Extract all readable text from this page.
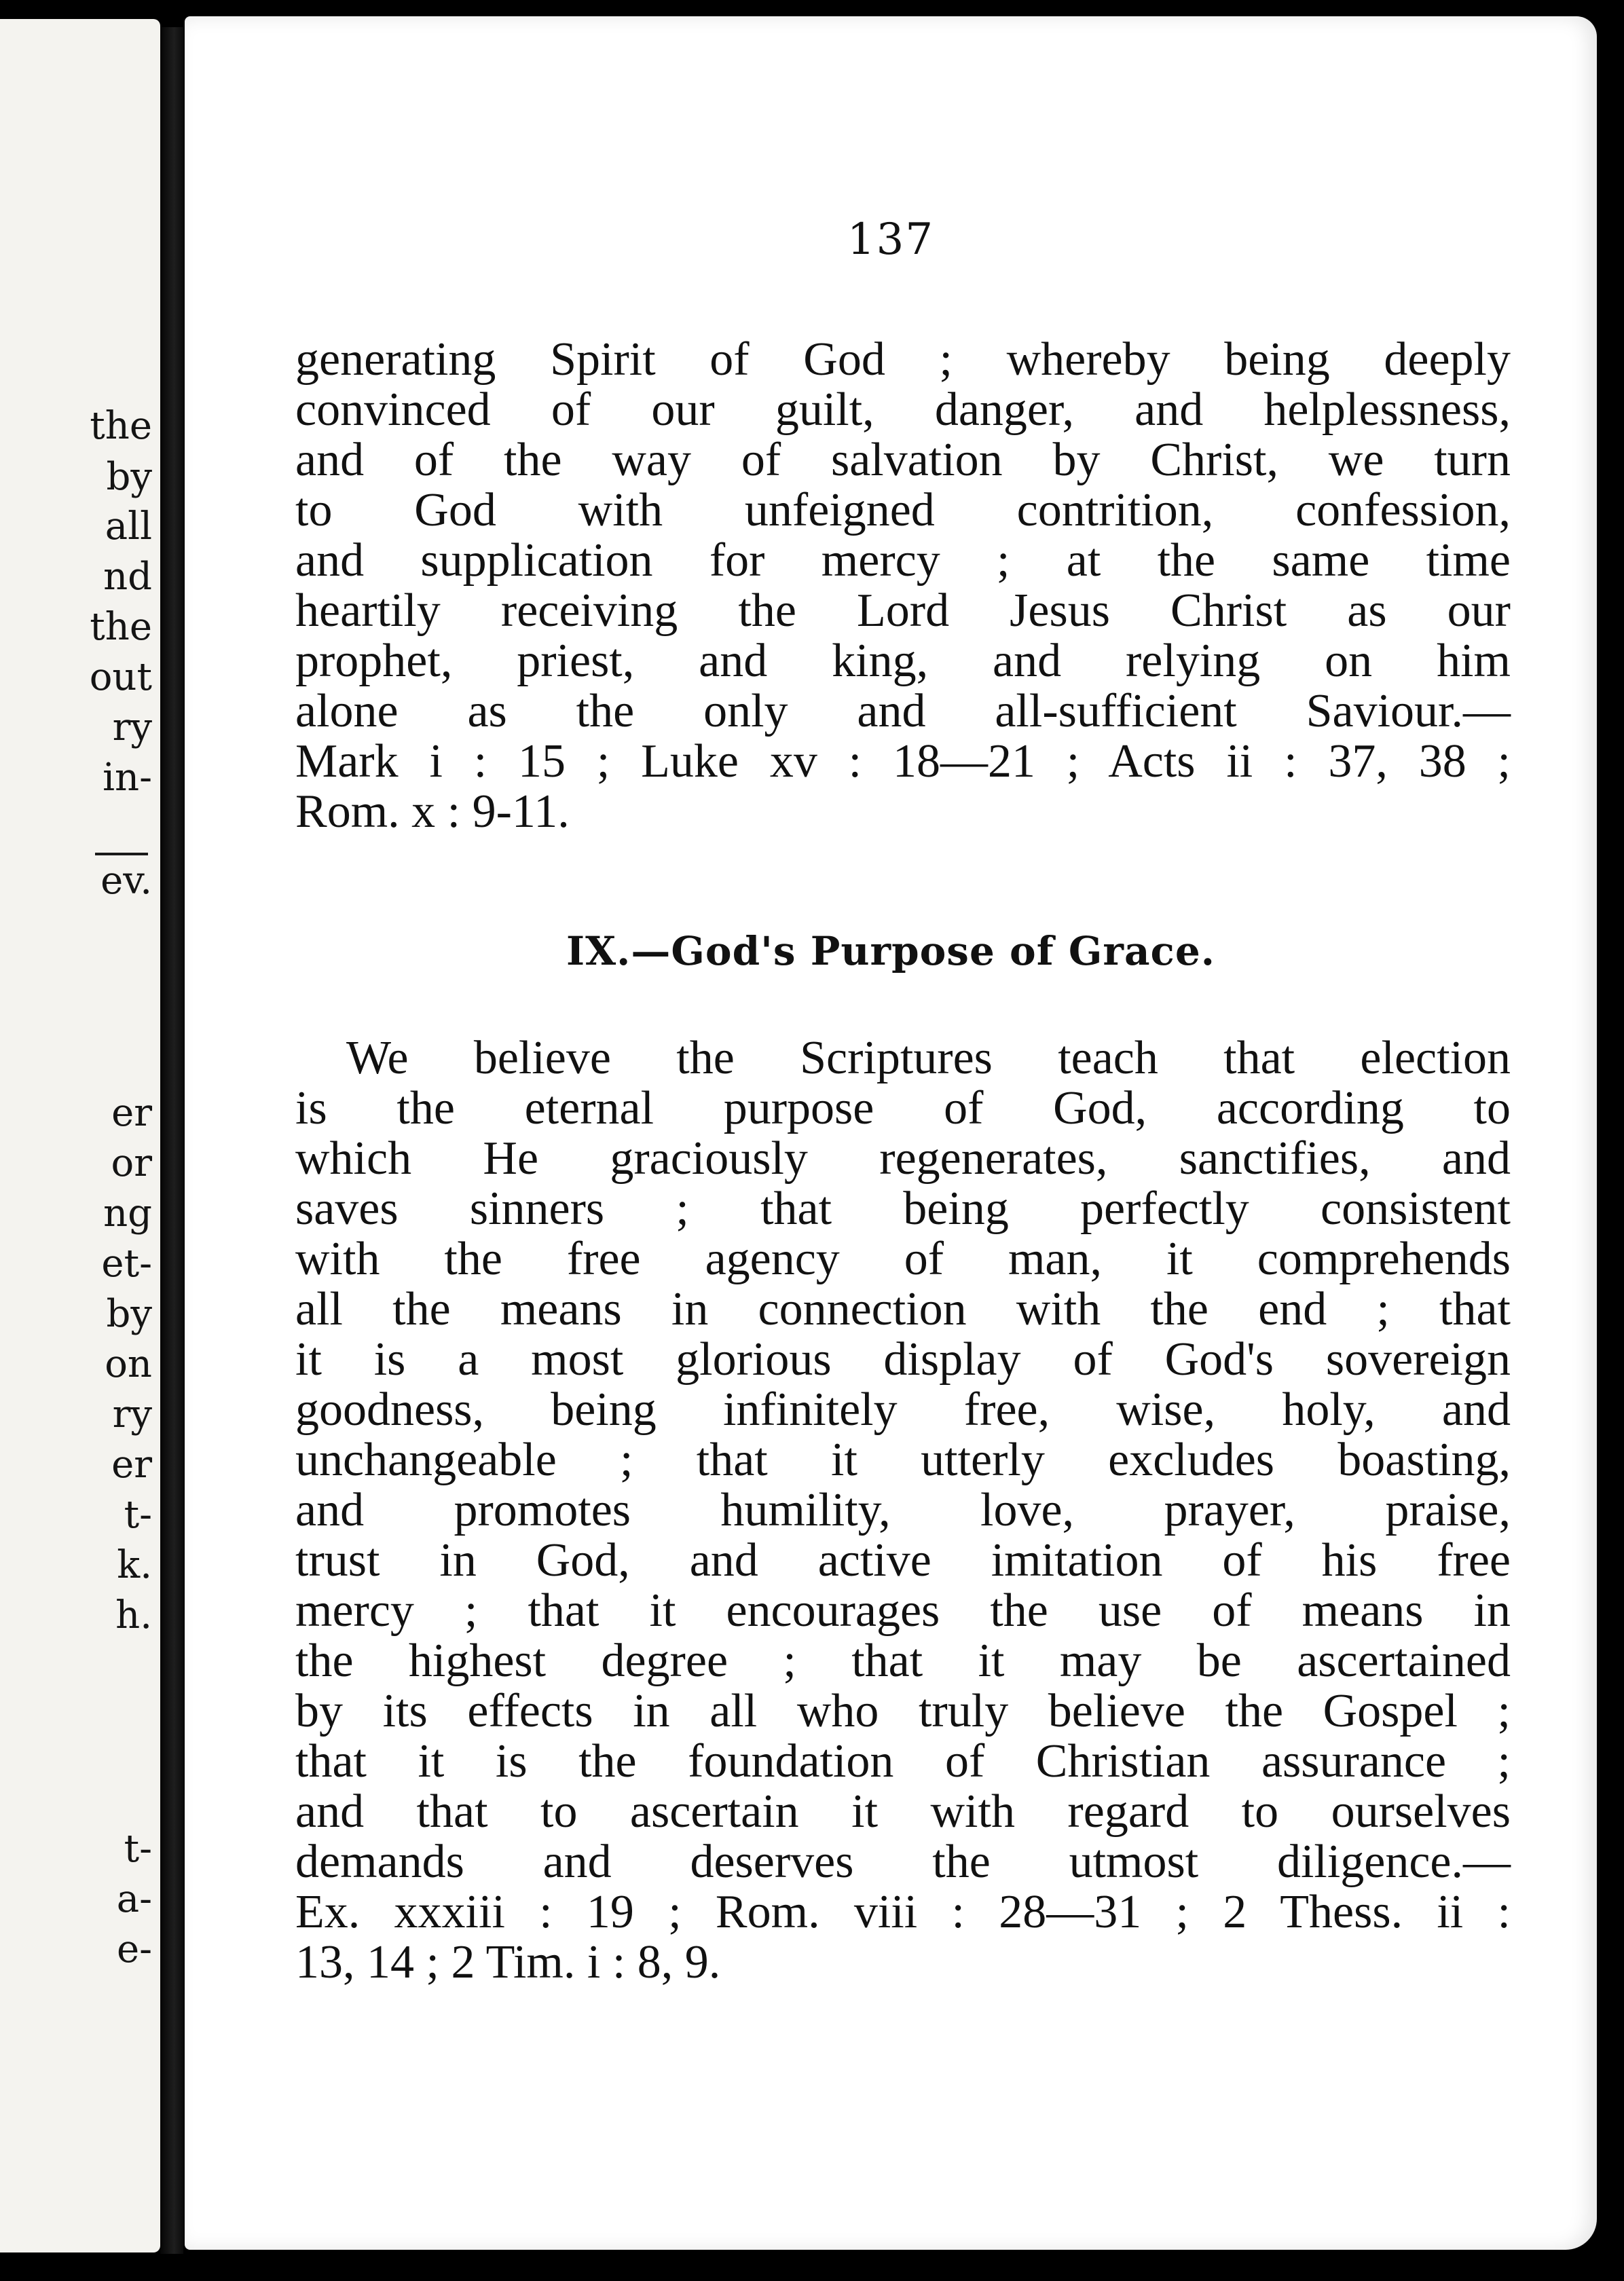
the
by
all
nd
the
out
ry
in-
ev.
er
or
ng
et-
by
on
ry
er
t-
k.
h.
t-
a-
e-
137
generating Spirit of God ; whereby being deeply
convinced of our guilt, danger, and helplessness,
and of the way of salvation by Christ, we turn
to God with unfeigned contrition, confession,
and supplication for mercy ; at the same time
heartily receiving the Lord Jesus Christ as our
prophet, priest, and king, and relying on him
alone as the only and all-sufficient Saviour.—
Mark i : 15 ; Luke xv : 18—21 ; Acts ii : 37, 38 ;
Rom. x : 9-11.
IX.—God's Purpose of Grace.
We believe the Scriptures teach that election
is the eternal purpose of God, according to
which He graciously regenerates, sanctifies, and
saves sinners ; that being perfectly consistent
with the free agency of man, it comprehends
all the means in connection with the end ; that
it is a most glorious display of God's sovereign
goodness, being infinitely free, wise, holy, and
unchangeable ; that it utterly excludes boasting,
and promotes humility, love, prayer, praise,
trust in God, and active imitation of his free
mercy ; that it encourages the use of means in
the highest degree ; that it may be ascertained
by its effects in all who truly believe the Gospel ;
that it is the foundation of Christian assurance ;
and that to ascertain it with regard to ourselves
demands and deserves the utmost diligence.—
Ex. xxxiii : 19 ; Rom. viii : 28—31 ; 2 Thess. ii :
13, 14 ; 2 Tim. i : 8, 9.
